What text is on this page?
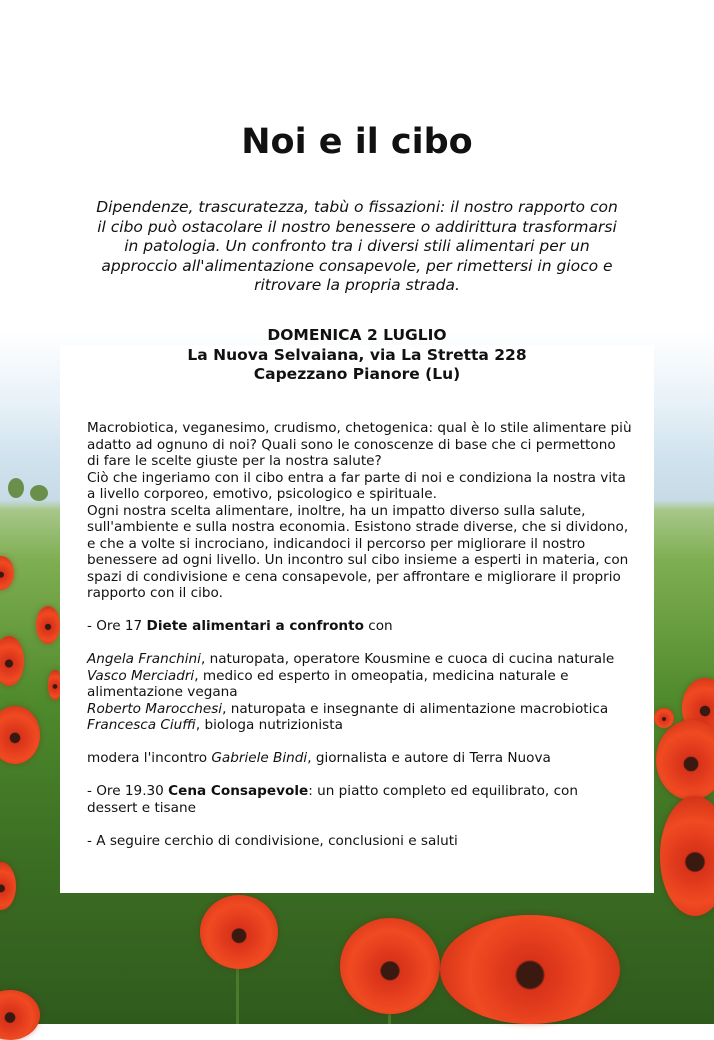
Noi e il cibo
Dipendenze, trascuratezza, tabù o fissazioni: il nostro rapporto con il cibo può ostacolare il nostro benessere o addirittura trasformarsi in patologia. Un confronto tra i diversi stili alimentari per un approccio all'alimentazione consapevole, per rimettersi in gioco e ritrovare la propria strada.
DOMENICA 2 LUGLIO
La Nuova Selvaiana, via La Stretta 228
Capezzano Pianore (Lu)

Macrobiotica, veganesimo, crudismo, chetogenica: qual è lo stile alimentare più adatto ad ognuno di noi? Quali sono le conoscenze di base che ci permettono di fare le scelte giuste per la nostra salute?

Ciò che ingeriamo con il cibo entra a far parte di noi e condiziona la nostra vita a livello corporeo, emotivo, psicologico e spirituale.

Ogni nostra scelta alimentare, inoltre, ha un impatto diverso sulla salute, sull'ambiente e sulla nostra economia. Esistono strade diverse, che si dividono, e che a volte si incrociano, indicandoci il percorso per migliorare il nostro benessere ad ogni livello. Un incontro sul cibo insieme a esperti in materia, con spazi di condivisione e cena consapevole, per affrontare e migliorare il proprio rapporto con il cibo.

- Ore 17 Diete alimentari a confronto con

Angela Franchini, naturopata, operatore Kousmine e cuoca di cucina naturale

Vasco Merciadri, medico ed esperto in omeopatia, medicina naturale e alimentazione vegana

Roberto Marocchesi, naturopata e insegnante di alimentazione macrobiotica

Francesca Ciuffi, biologa nutrizionista

modera l'incontro Gabriele Bindi, giornalista e autore di Terra Nuova

- Ore 19.30 Cena Consapevole: un piatto completo ed equilibrato, con dessert e tisane

- A seguire cerchio di condivisione, conclusioni e saluti
